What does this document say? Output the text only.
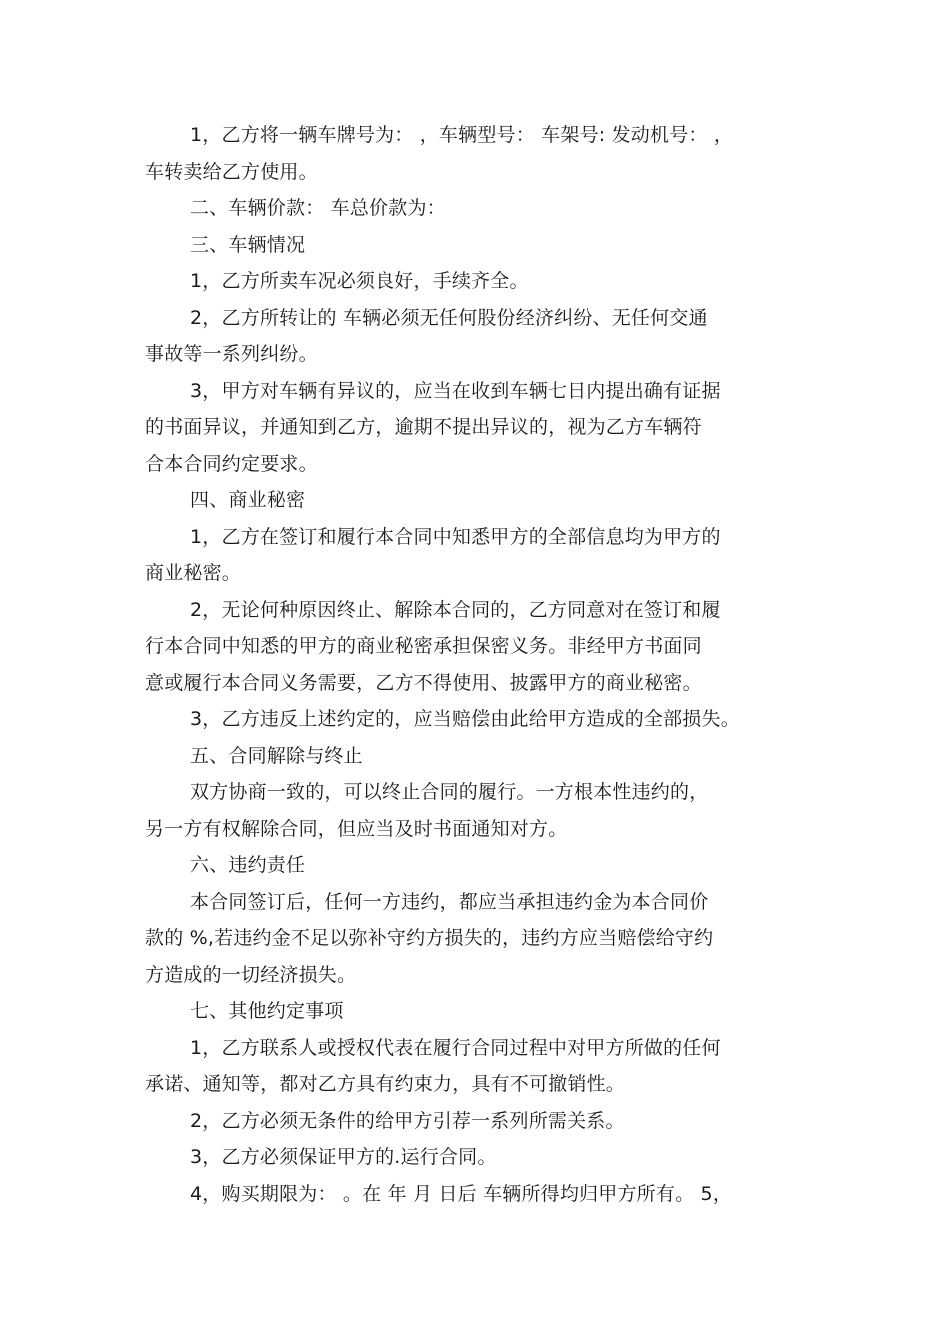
1，乙方将一辆车牌号为： ，车辆型号： 车架号: 发动机号： ，

车转卖给乙方使用。

二、车辆价款： 车总价款为：

三、车辆情况

1，乙方所卖车况必须良好，手续齐全。

2，乙方所转让的 车辆必须无任何股份经济纠纷、无任何交通

事故等一系列纠纷。

3，甲方对车辆有异议的，应当在收到车辆七日内提出确有证据

的书面异议，并通知到乙方，逾期不提出异议的，视为乙方车辆符

合本合同约定要求。

四、商业秘密

1，乙方在签订和履行本合同中知悉甲方的全部信息均为甲方的

商业秘密。

2，无论何种原因终止、解除本合同的，乙方同意对在签订和履

行本合同中知悉的甲方的商业秘密承担保密义务。非经甲方书面同

意或履行本合同义务需要，乙方不得使用、披露甲方的商业秘密。

3，乙方违反上述约定的，应当赔偿由此给甲方造成的全部损失。

五、合同解除与终止

双方协商一致的，可以终止合同的履行。一方根本性违约的，

另一方有权解除合同，但应当及时书面通知对方。

六、违约责任

本合同签订后，任何一方违约，都应当承担违约金为本合同价

款的 %,若违约金不足以弥补守约方损失的，违约方应当赔偿给守约

方造成的一切经济损失。

七、其他约定事项

1，乙方联系人或授权代表在履行合同过程中对甲方所做的任何

承诺、通知等，都对乙方具有约束力，具有不可撤销性。

2，乙方必须无条件的给甲方引荐一系列所需关系。

3，乙方必须保证甲方的.运行合同。

4，购买期限为： 。在 年 月 日后 车辆所得均归甲方所有。 5，
